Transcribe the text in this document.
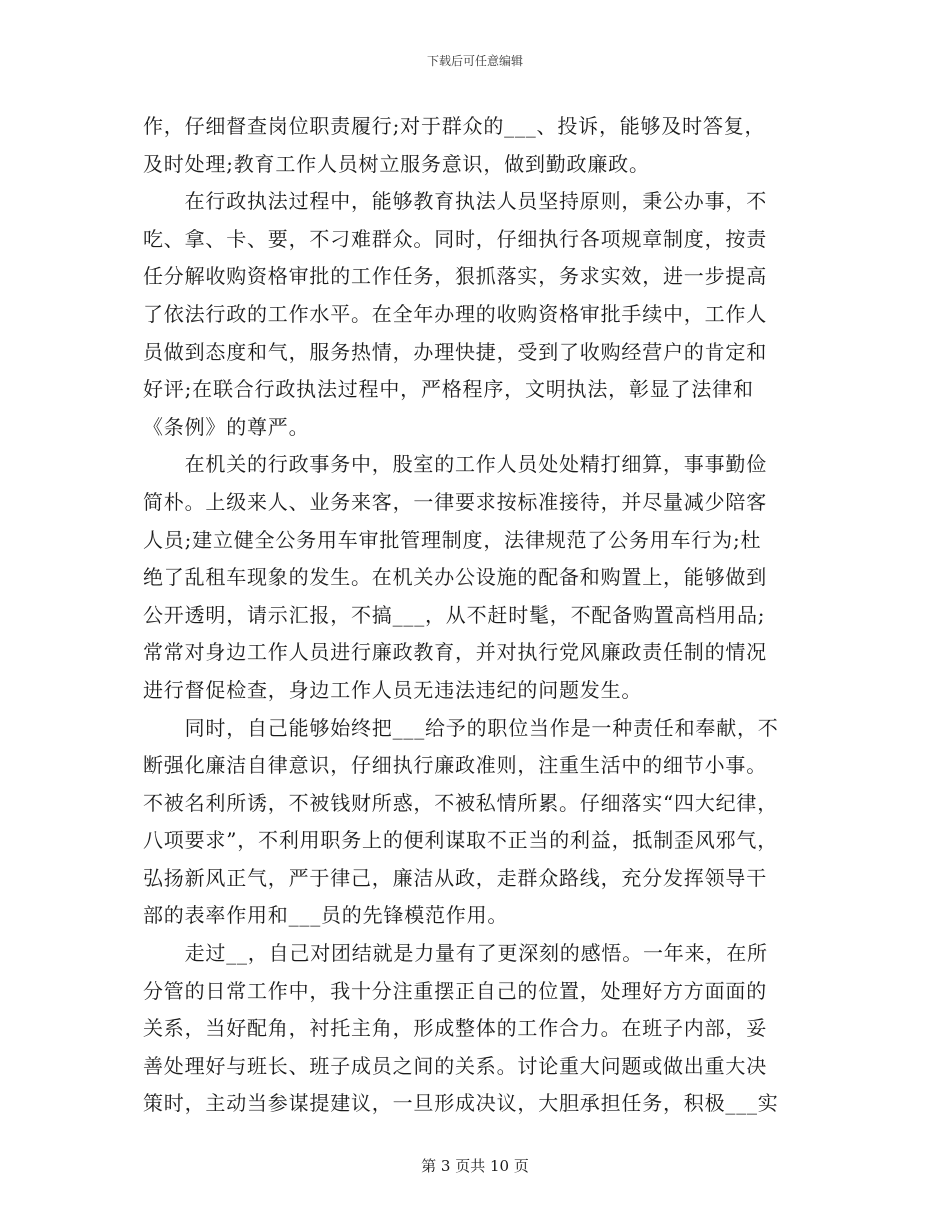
下载后可任意编辑

作，仔细督查岗位职责履行;对于群众的___、投诉，能够及时答复，
及时处理;教育工作人员树立服务意识，做到勤政廉政。

　　在行政执法过程中，能够教育执法人员坚持原则，秉公办事，不
吃、拿、卡、要，不刁难群众。同时，仔细执行各项规章制度，按责
任分解收购资格审批的工作任务，狠抓落实，务求实效，进一步提高
了依法行政的工作水平。在全年办理的收购资格审批手续中，工作人
员做到态度和气，服务热情，办理快捷，受到了收购经营户的肯定和
好评;在联合行政执法过程中，严格程序，文明执法，彰显了法律和
《条例》的尊严。

　　在机关的行政事务中，股室的工作人员处处精打细算，事事勤俭
简朴。上级来人、业务来客，一律要求按标准接待，并尽量减少陪客
人员;建立健全公务用车审批管理制度，法律规范了公务用车行为;杜
绝了乱租车现象的发生。在机关办公设施的配备和购置上，能够做到
公开透明，请示汇报，不搞___，从不赶时髦，不配备购置高档用品;
常常对身边工作人员进行廉政教育，并对执行党风廉政责任制的情况
进行督促检查，身边工作人员无违法违纪的问题发生。

　　同时，自己能够始终把___给予的职位当作是一种责任和奉献，不
断强化廉洁自律意识，仔细执行廉政准则，注重生活中的细节小事。
不被名利所诱，不被钱财所惑，不被私情所累。仔细落实“四大纪律，
八项要求”，不利用职务上的便利谋取不正当的利益，抵制歪风邪气，
弘扬新风正气，严于律己，廉洁从政，走群众路线，充分发挥领导干
部的表率作用和___员的先锋模范作用。

　　走过__，自己对团结就是力量有了更深刻的感悟。一年来，在所
分管的日常工作中，我十分注重摆正自己的位置，处理好方方面面的
关系，当好配角，衬托主角，形成整体的工作合力。在班子内部，妥
善处理好与班长、班子成员之间的关系。讨论重大问题或做出重大决
策时，主动当参谋提建议，一旦形成决议，大胆承担任务，积极___实

第 3 页共 10 页
